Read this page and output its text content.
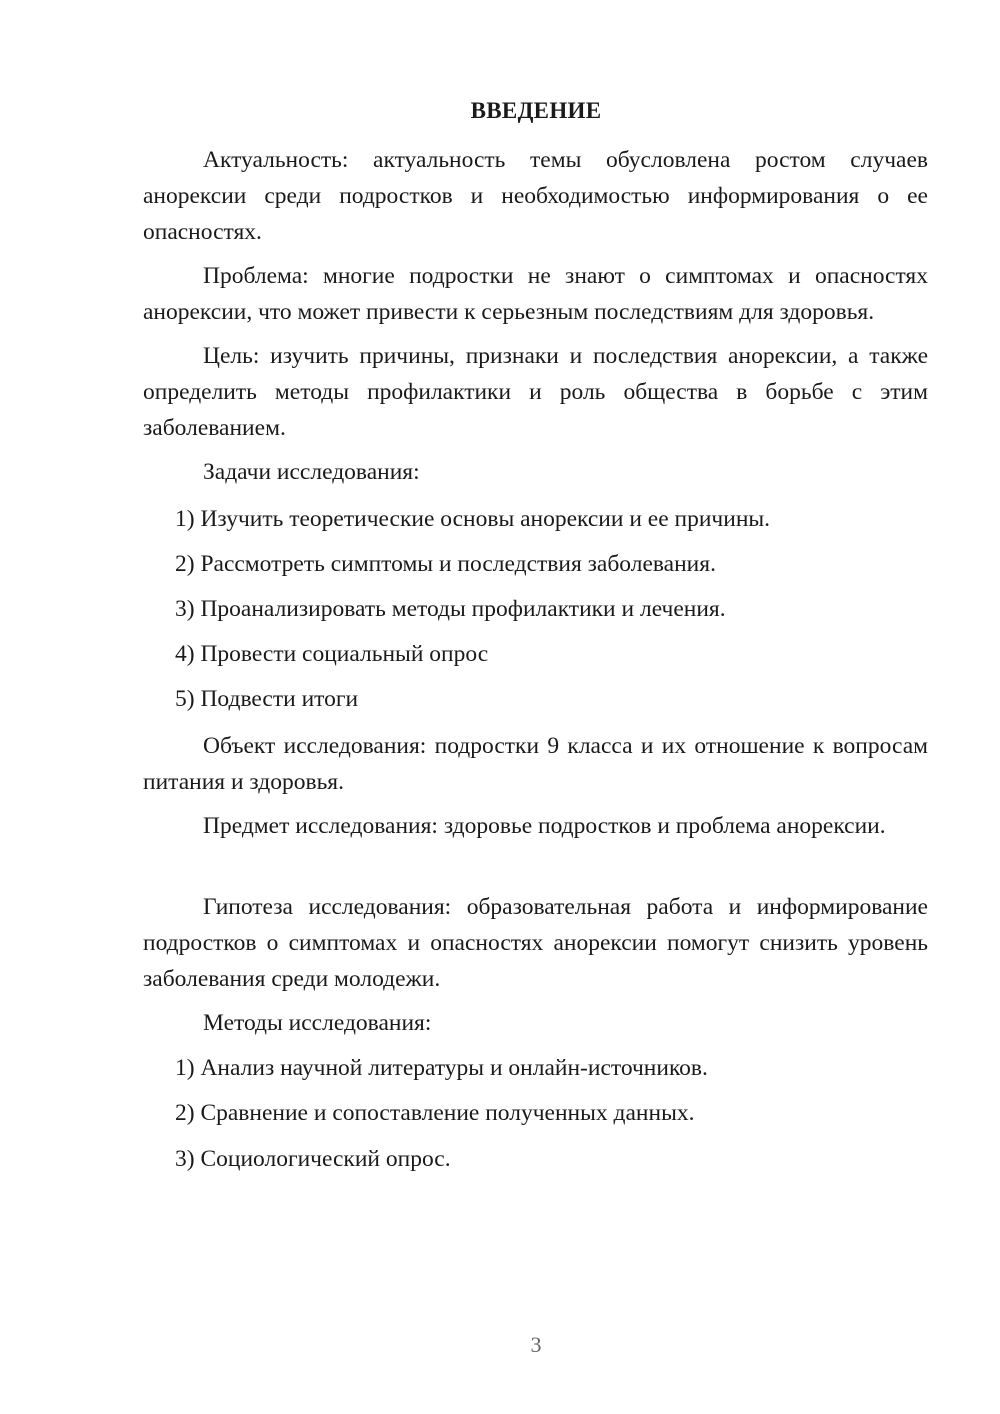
ВВЕДЕНИЕ

Актуальность: актуальность темы обусловлена ростом случаев анорексии среди подростков и необходимостью информирования о ее опасностях.

Проблема: многие подростки не знают о симптомах и опасностях анорексии, что может привести к серьезным последствиям для здоровья.

Цель: изучить причины, признаки и последствия анорексии, а также определить методы профилактики и роль общества в борьбе с этим заболеванием.

Задачи исследования:

1) Изучить теоретические основы анорексии и ее причины.
2) Рассмотреть симптомы и последствия заболевания.
3) Проанализировать методы профилактики и лечения.
4) Провести социальный опрос
5) Подвести итоги

Объект исследования: подростки 9 класса и их отношение к вопросам питания и здоровья.

Предмет исследования: здоровье подростков и проблема анорексии.

Гипотеза исследования: образовательная работа и информирование подростков о симптомах и опасностях анорексии помогут снизить уровень заболевания среди молодежи.

Методы исследования:

1) Анализ научной литературы и онлайн-источников.
2) Сравнение и сопоставление полученных данных.
3) Социологический опрос.
3
